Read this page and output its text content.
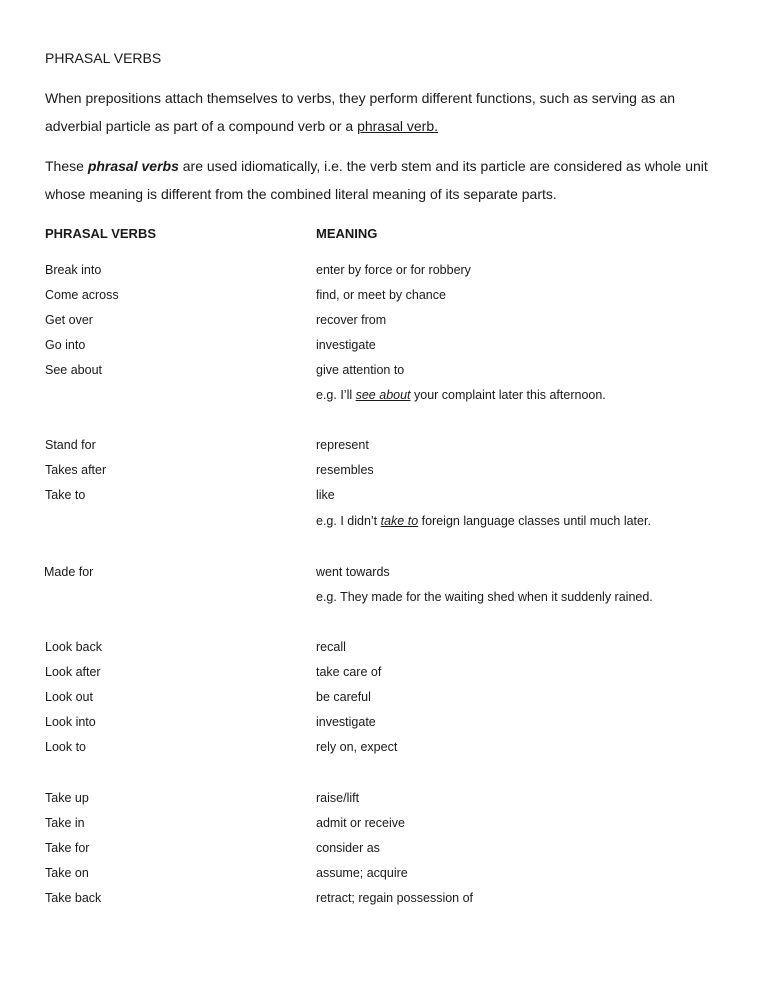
PHRASAL VERBS
When prepositions attach themselves to verbs, they perform different functions, such as serving as an
adverbial particle as part of a compound verb or a phrasal verb.
These phrasal verbs are used idiomatically, i.e. the verb stem and its particle are considered as whole unit
whose meaning is different from the combined literal meaning of its separate parts.
PHRASAL VERBS	MEANING
Break into	enter by force or for robbery
Come across	find, or meet by chance
Get over	recover from
Go into	investigate
See about	give attention to
e.g. I’ll see about your complaint later this afternoon.
Stand for	represent
Takes after	resembles
Take to	like
e.g. I didn’t take to foreign language classes until much later.
Made for	went towards
e.g. They made for the waiting shed when it suddenly rained.
Look back	recall
Look after	take care of
Look out	be careful
Look into	investigate
Look to	rely on, expect
Take up	raise/lift
Take in	admit or receive
Take for	consider as
Take on	assume; acquire
Take back	retract; regain possession of
